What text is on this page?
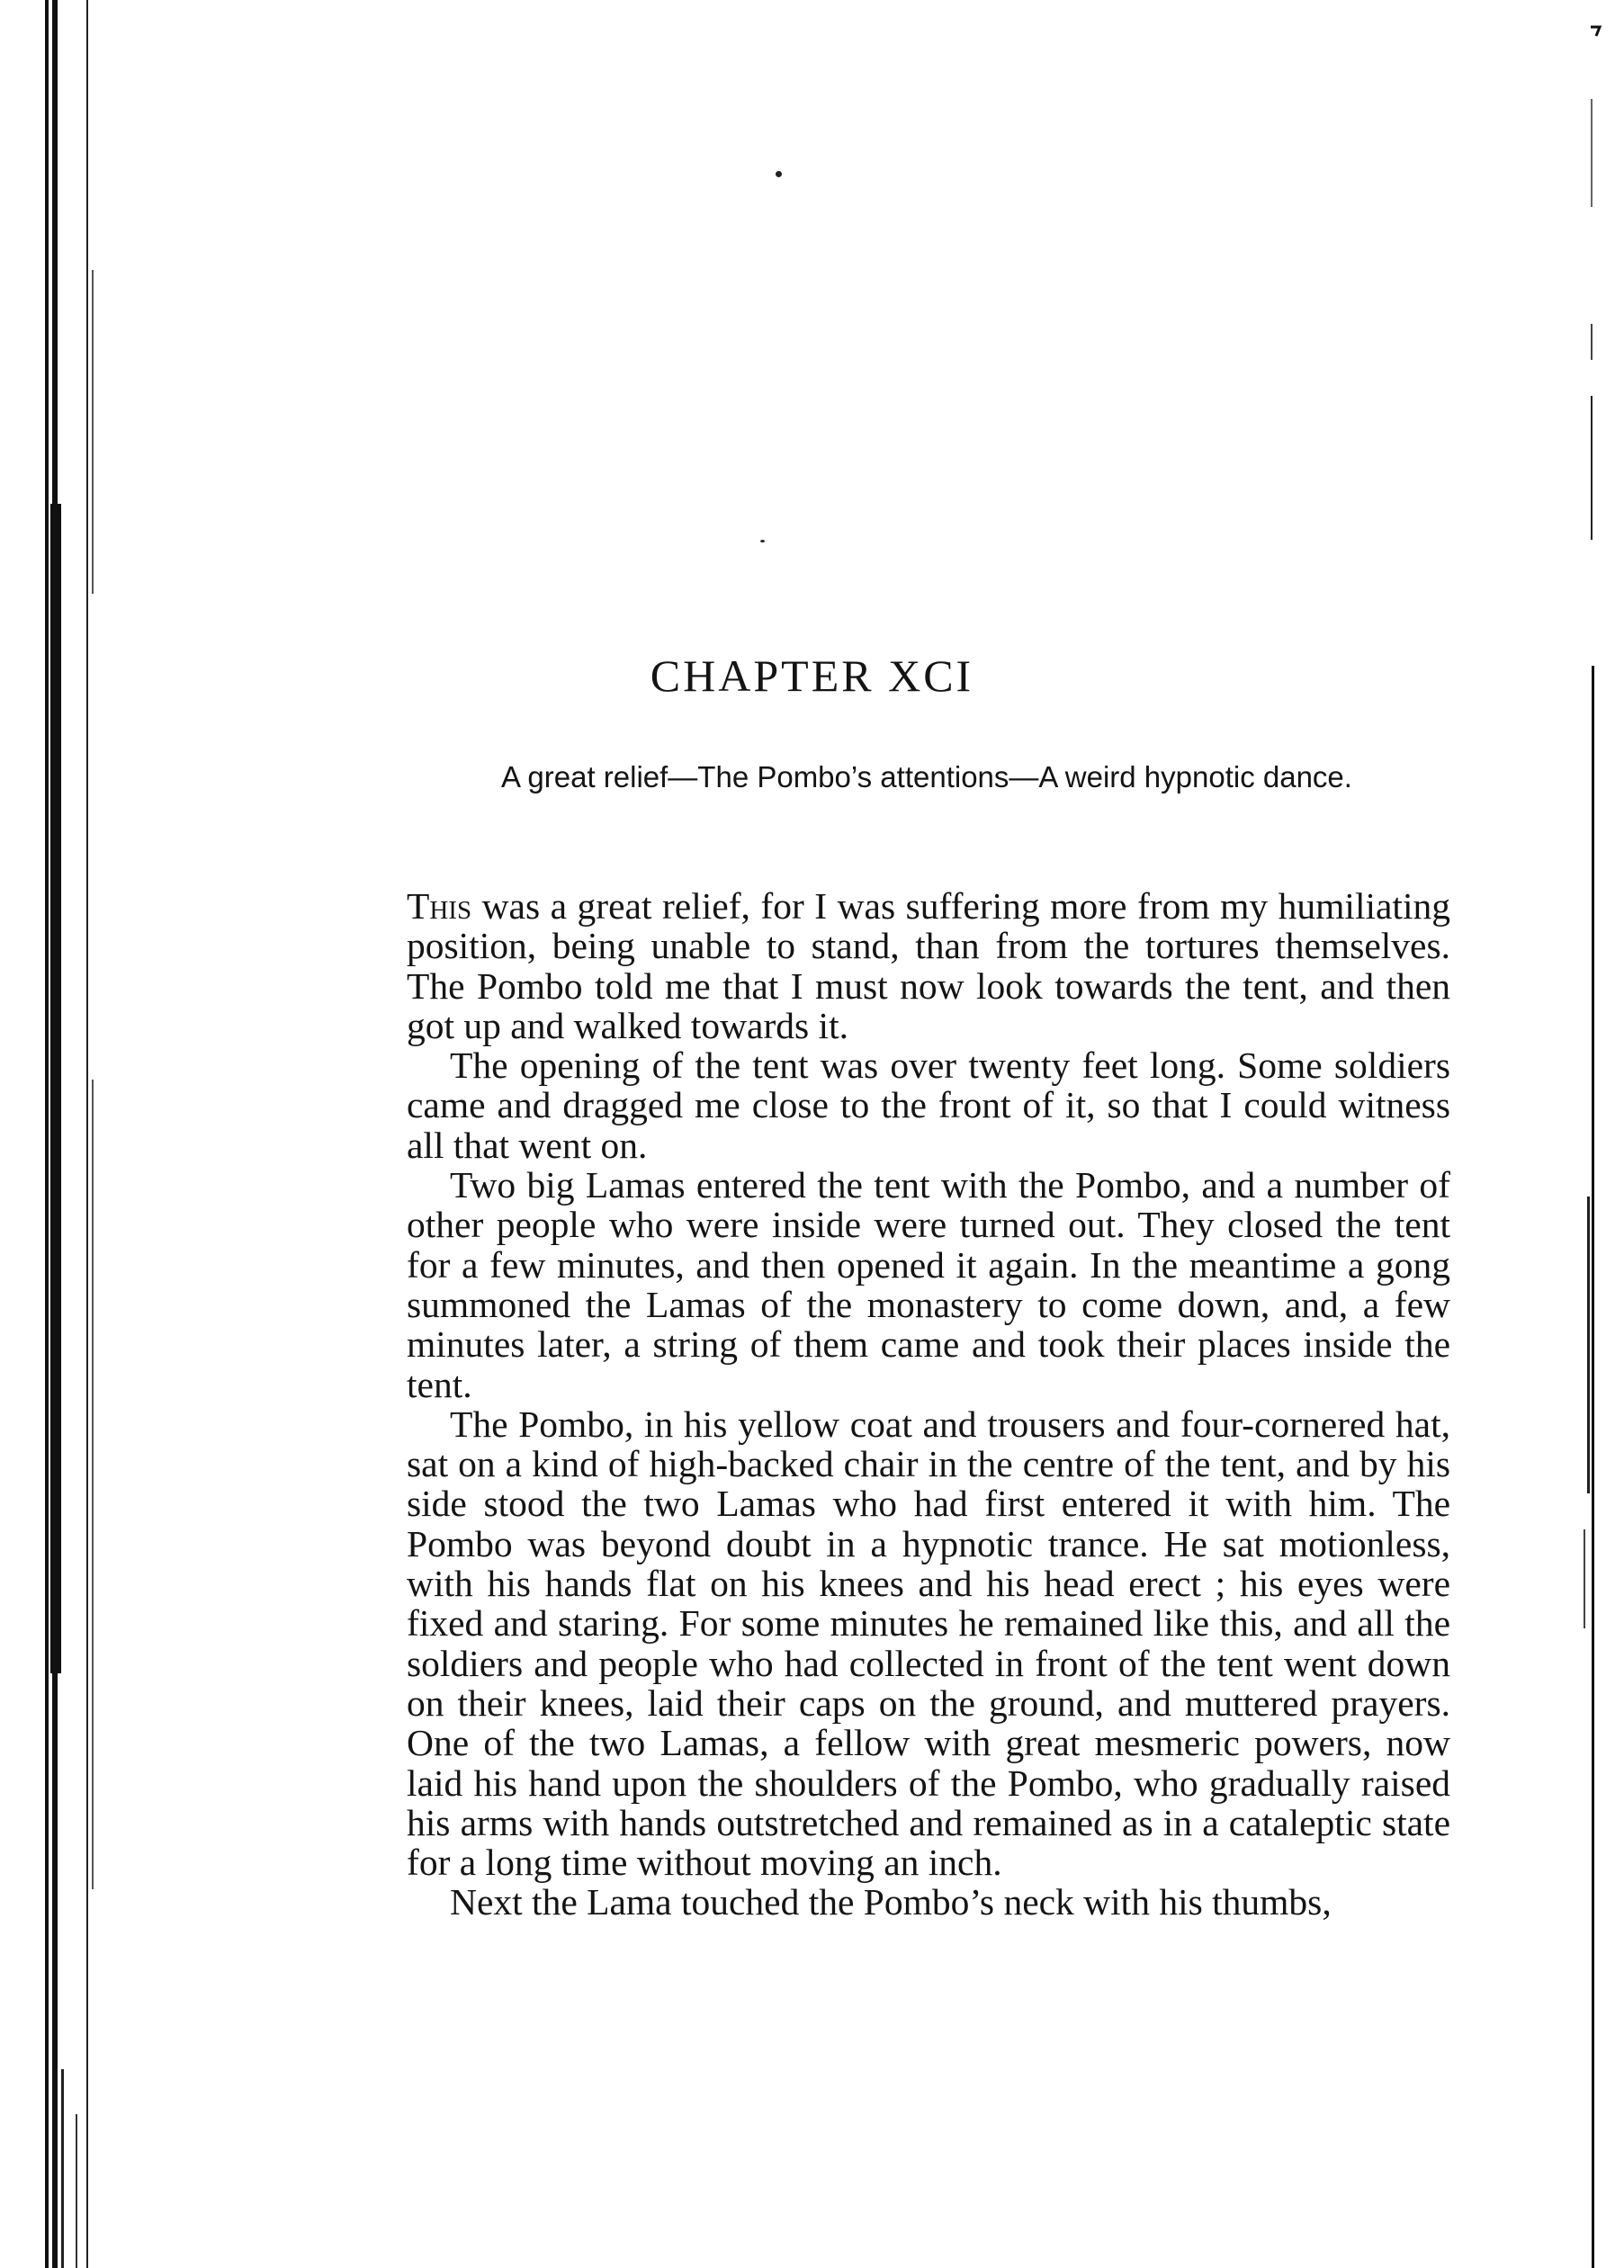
CHAPTER XCI

A great relief—The Pombo’s attentions—A weird hypnotic dance.

This was a great relief, for I was suffering more from my humiliating position, being unable to stand, than from the tortures themselves. The Pombo told me that I must now look towards the tent, and then got up and walked towards it.

The opening of the tent was over twenty feet long. Some soldiers came and dragged me close to the front of it, so that I could witness all that went on.

Two big Lamas entered the tent with the Pombo, and a number of other people who were inside were turned out. They closed the tent for a few minutes, and then opened it again. In the meantime a gong summoned the Lamas of the monastery to come down, and, a few minutes later, a string of them came and took their places inside the tent.

The Pombo, in his yellow coat and trousers and four-cornered hat, sat on a kind of high-backed chair in the centre of the tent, and by his side stood the two Lamas who had first entered it with him. The Pombo was beyond doubt in a hypnotic trance. He sat motionless, with his hands flat on his knees and his head erect ; his eyes were fixed and staring. For some minutes he remained like this, and all the soldiers and people who had collected in front of the tent went down on their knees, laid their caps on the ground, and muttered prayers. One of the two Lamas, a fellow with great mesmeric powers, now laid his hand upon the shoulders of the Pombo, who gradually raised his arms with hands outstretched and remained as in a cataleptic state for a long time without moving an inch.

Next the Lama touched the Pombo’s neck with his thumbs,
